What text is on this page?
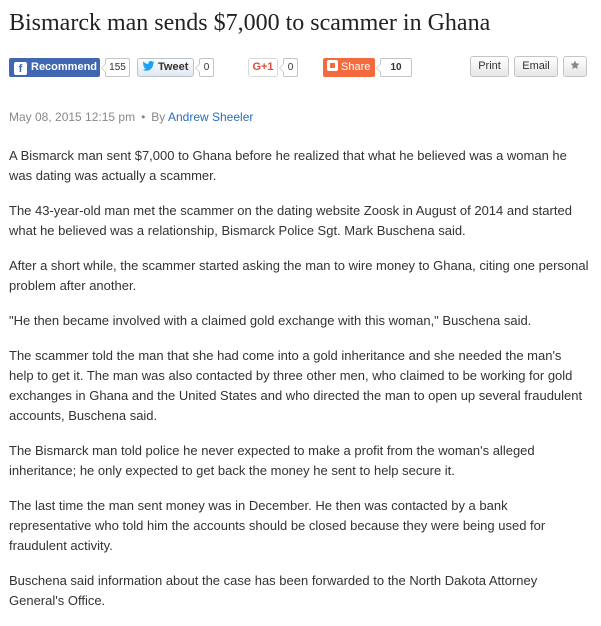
Bismarck man sends $7,000 to scammer in Ghana
f Recommend	155	Tweet	0	G+1	0	Share	10	Print	Email
May 08, 2015 12:15 pm • By Andrew Sheeler

A Bismarck man sent $7,000 to Ghana before he realized that what he believed was a woman he was dating was actually a scammer.

The 43-year-old man met the scammer on the dating website Zoosk in August of 2014 and started what he believed was a relationship, Bismarck Police Sgt. Mark Buschena said.

After a short while, the scammer started asking the man to wire money to Ghana, citing one personal problem after another.

"He then became involved with a claimed gold exchange with this woman," Buschena said.

The scammer told the man that she had come into a gold inheritance and she needed the man's help to get it. The man was also contacted by three other men, who claimed to be working for gold exchanges in Ghana and the United States and who directed the man to open up several fraudulent accounts, Buschena said.

The Bismarck man told police he never expected to make a profit from the woman's alleged inheritance; he only expected to get back the money he sent to help secure it.

The last time the man sent money was in December. He then was contacted by a bank representative who told him the accounts should be closed because they were being used for fraudulent activity.

Buschena said information about the case has been forwarded to the North Dakota Attorney General's Office.
